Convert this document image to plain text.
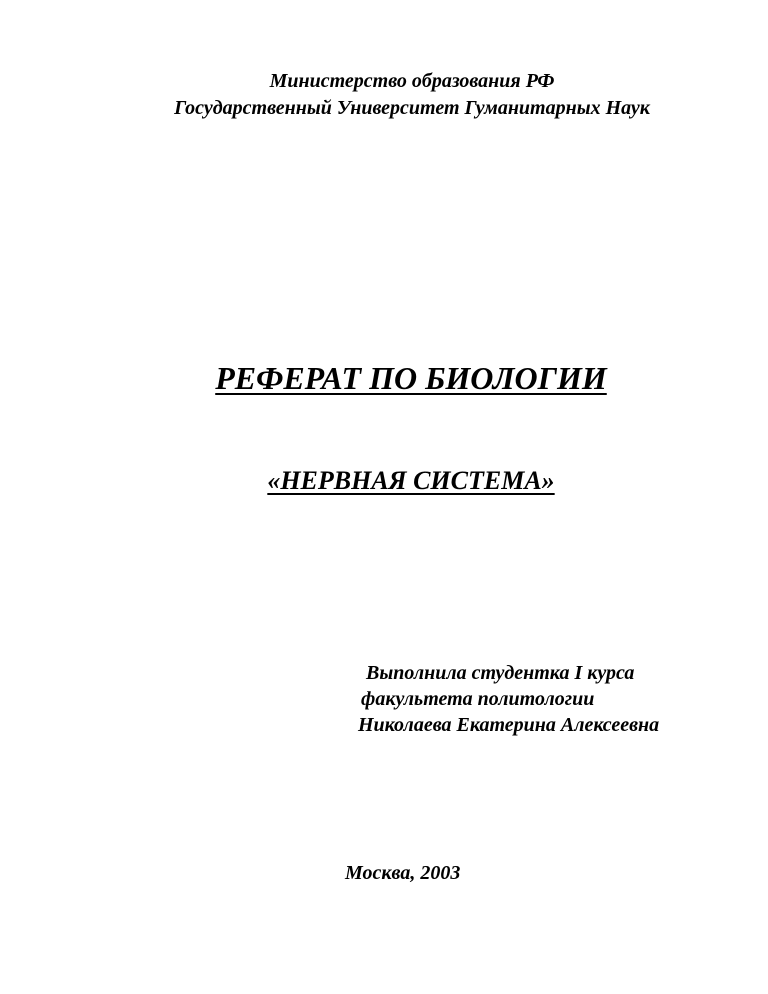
Министерство образования РФ
Государственный Университет Гуманитарных Наук
РЕФЕРАТ ПО БИОЛОГИИ
«НЕРВНАЯ СИСТЕМА»
Выполнила студентка I курса
факультета политологии
Николаева Екатерина Алексеевна
Москва, 2003
